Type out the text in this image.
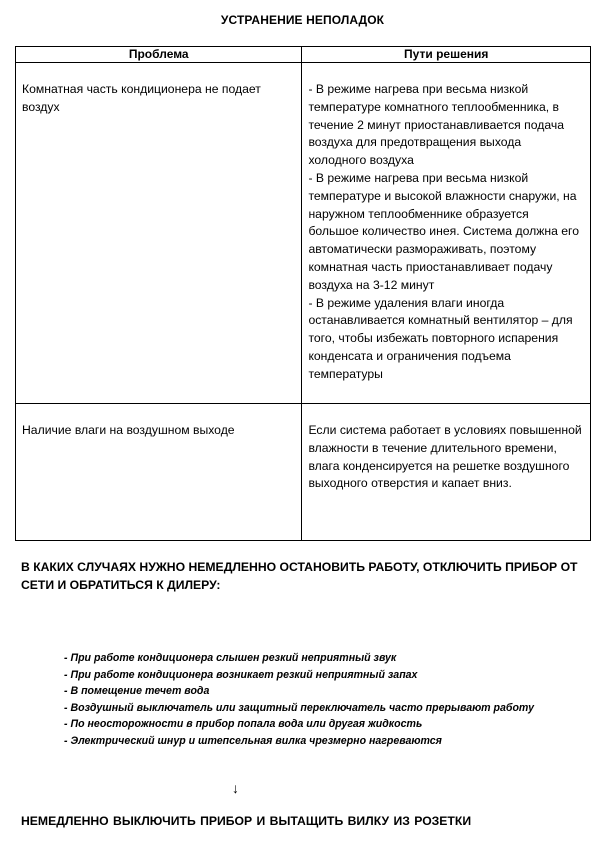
УСТРАНЕНИЕ НЕПОЛАДОК
Проблема	Пути решения
Комнатная часть кондиционера не подает воздух	- В режиме нагрева при весьма низкой температуре комнатного теплообменника, в течение 2 минут приостанавливается подача воздуха для предотвращения выхода холодного воздуха
- В режиме нагрева при весьма низкой температуре и высокой влажности снаружи, на наружном теплообменнике образуется большое количество инея. Система должна его автоматически размораживать, поэтому комнатная часть приостанавливает подачу воздуха на 3-12 минут
- В режиме удаления влаги иногда останавливается комнатный вентилятор – для того, чтобы избежать повторного испарения конденсата и ограничения подъема температуры

Наличие влаги на воздушном выходе	Если система работает в условиях повышенной влажности в течение длительного времени, влага конденсируется на решетке воздушного выходного отверстия и капает вниз.
В КАКИХ СЛУЧАЯХ НУЖНО НЕМЕДЛЕННО ОСТАНОВИТЬ РАБОТУ, ОТКЛЮЧИТЬ ПРИБОР ОТ СЕТИ И ОБРАТИТЬСЯ К ДИЛЕРУ:
- При работе кондиционера слышен резкий неприятный звук
- При работе кондиционера возникает резкий неприятный запах
- В помещение течет вода
- Воздушный выключатель или защитный переключатель часто прерывают работу
- По неосторожности в прибор попала вода или другая жидкость
- Электрический шнур и штепсельная вилка чрезмерно нагреваются
↓
НЕМЕДЛЕННО ВЫКЛЮЧИТЬ ПРИБОР И ВЫТАЩИТЬ ВИЛКУ ИЗ РОЗЕТКИ
